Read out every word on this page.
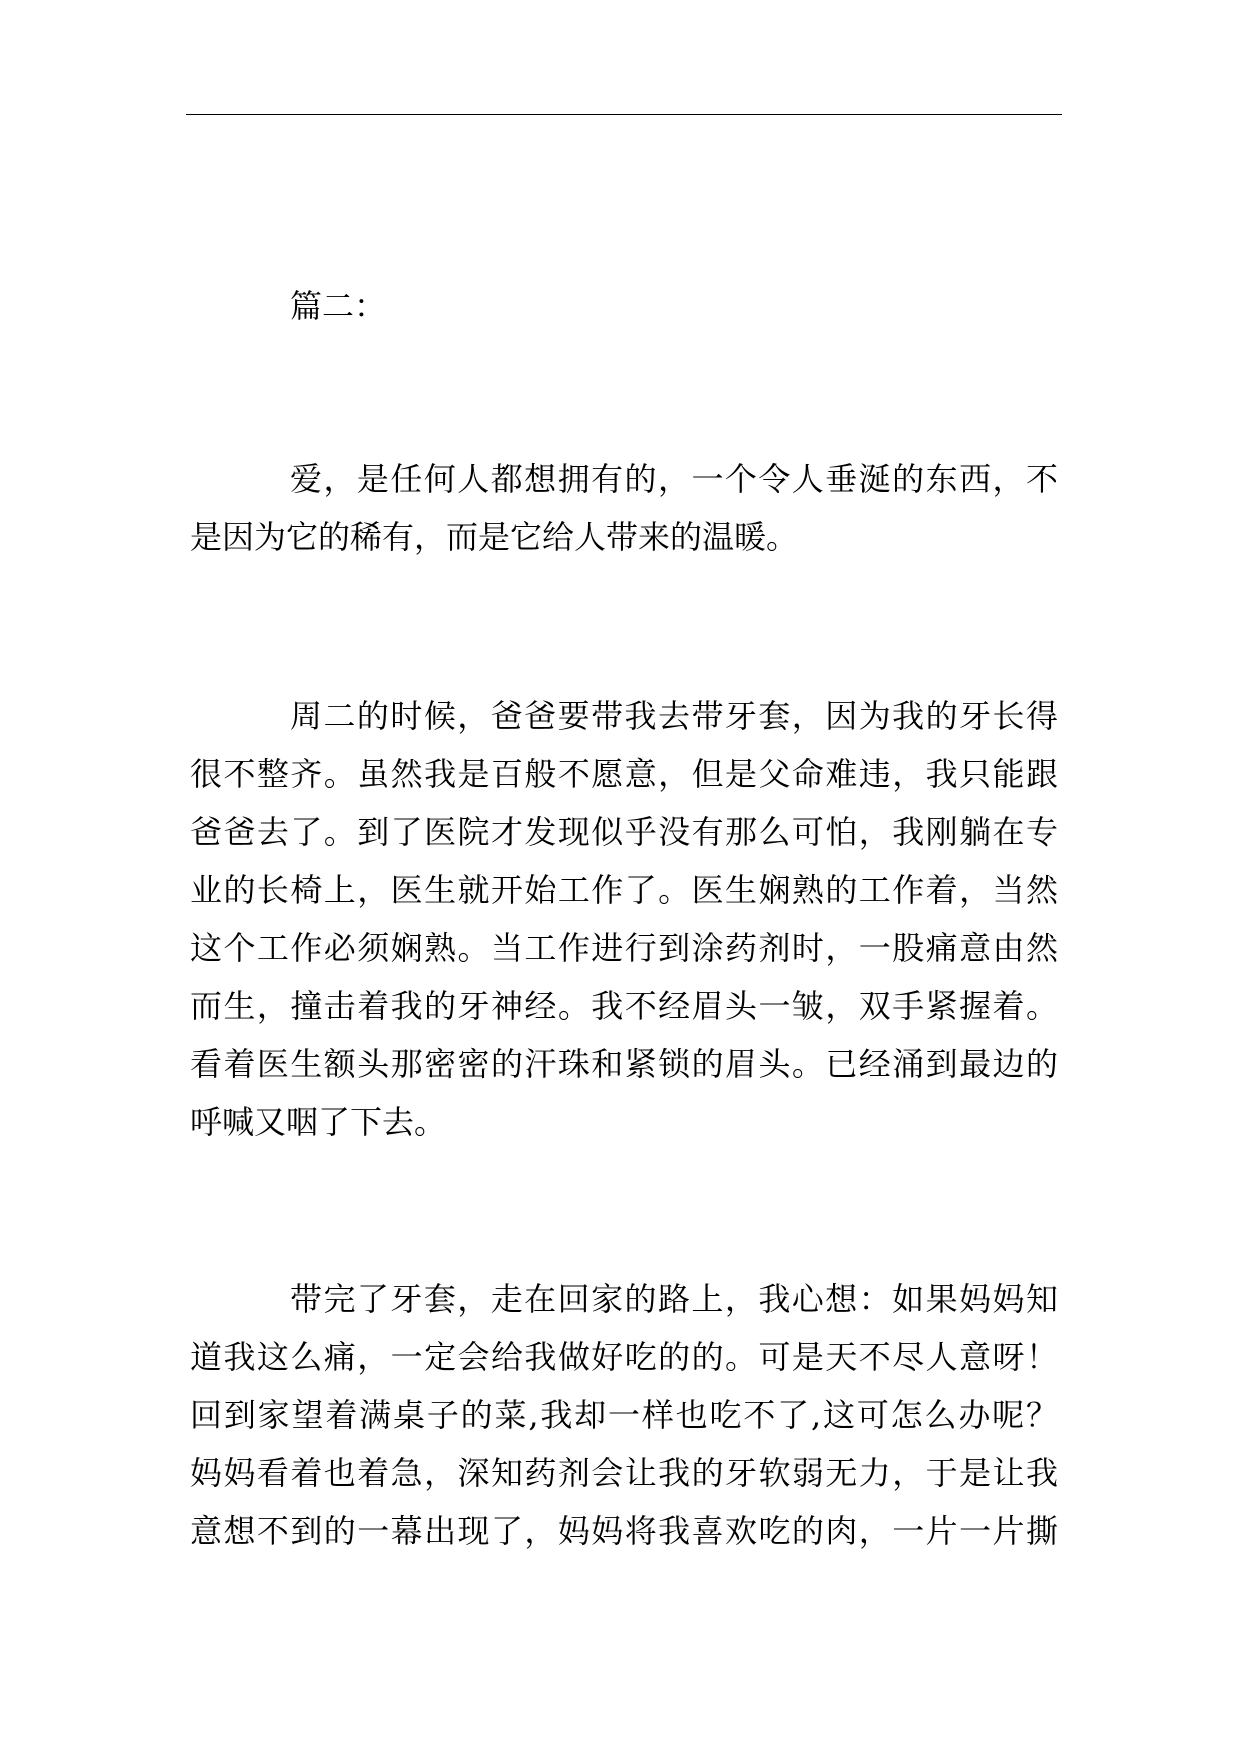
篇二：
爱，是任何人都想拥有的，一个令人垂涎的东西，不
是因为它的稀有，而是它给人带来的温暖。
周二的时候，爸爸要带我去带牙套，因为我的牙长得
很不整齐。虽然我是百般不愿意，但是父命难违，我只能跟
爸爸去了。到了医院才发现似乎没有那么可怕，我刚躺在专
业的长椅上，医生就开始工作了。医生娴熟的工作着，当然
这个工作必须娴熟。当工作进行到涂药剂时，一股痛意由然
而生，撞击着我的牙神经。我不经眉头一皱，双手紧握着。
看着医生额头那密密的汗珠和紧锁的眉头。已经涌到最边的
呼喊又咽了下去。
带完了牙套，走在回家的路上，我心想：如果妈妈知
道我这么痛，一定会给我做好吃的的。可是天不尽人意呀！
回到家望着满桌子的菜,我却一样也吃不了,这可怎么办呢？
妈妈看着也着急，深知药剂会让我的牙软弱无力，于是让我
意想不到的一幕出现了，妈妈将我喜欢吃的肉，一片一片撕
